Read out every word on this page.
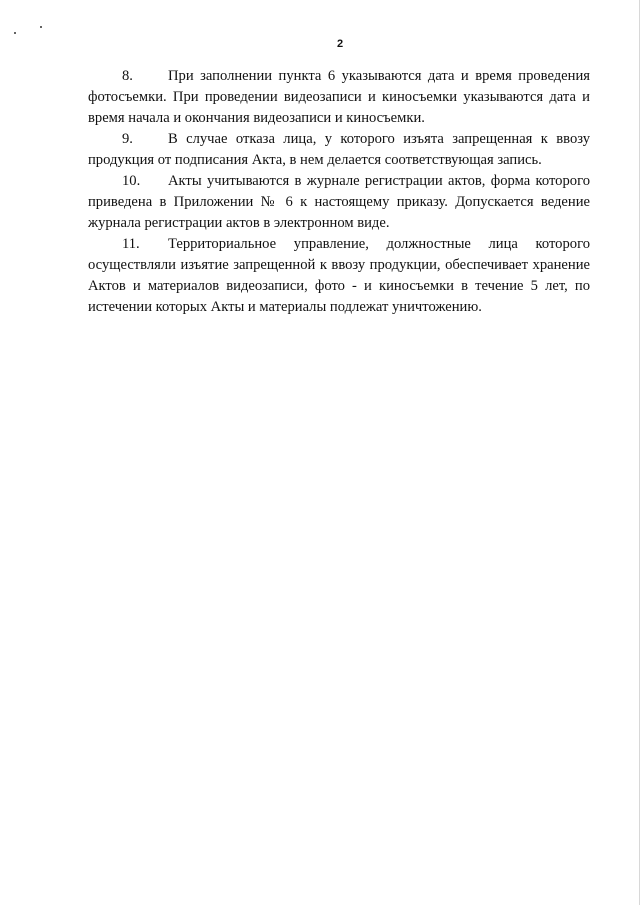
2

8. При заполнении пункта 6 указываются дата и время проведения фотосъемки. При проведении видеозаписи и киносъемки указываются дата и время начала и окончания видеозаписи и киносъемки.

9. В случае отказа лица, у которого изъята запрещенная к ввозу продукция от подписания Акта, в нем делается соответствующая запись.

10. Акты учитываются в журнале регистрации актов, форма которого приведена в Приложении № 6 к настоящему приказу. Допускается ведение журнала регистрации актов в электронном виде.

11. Территориальное управление, должностные лица которого осуществляли изъятие запрещенной к ввозу продукции, обеспечивает хранение Актов и материалов видеозаписи, фото - и киносъемки в течение 5 лет, по истечении которых Акты и материалы подлежат уничтожению.
